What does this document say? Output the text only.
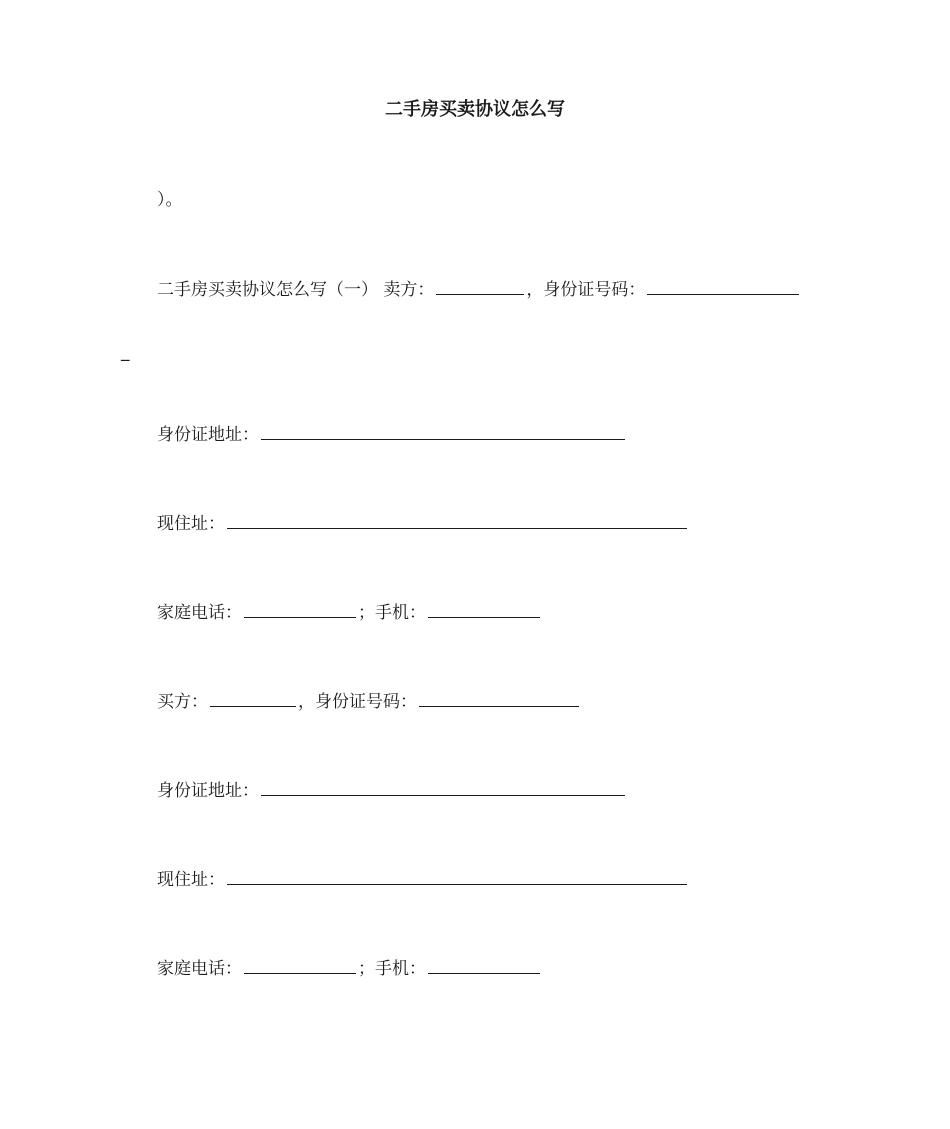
二手房买卖协议怎么写
）。
二手房买卖协议怎么写（一） 卖方：	，身份证号码：
_
身份证地址：
现住址：
家庭电话：	；手机：
买方：	，身份证号码：
身份证地址：
现住址：
家庭电话：	；手机：
